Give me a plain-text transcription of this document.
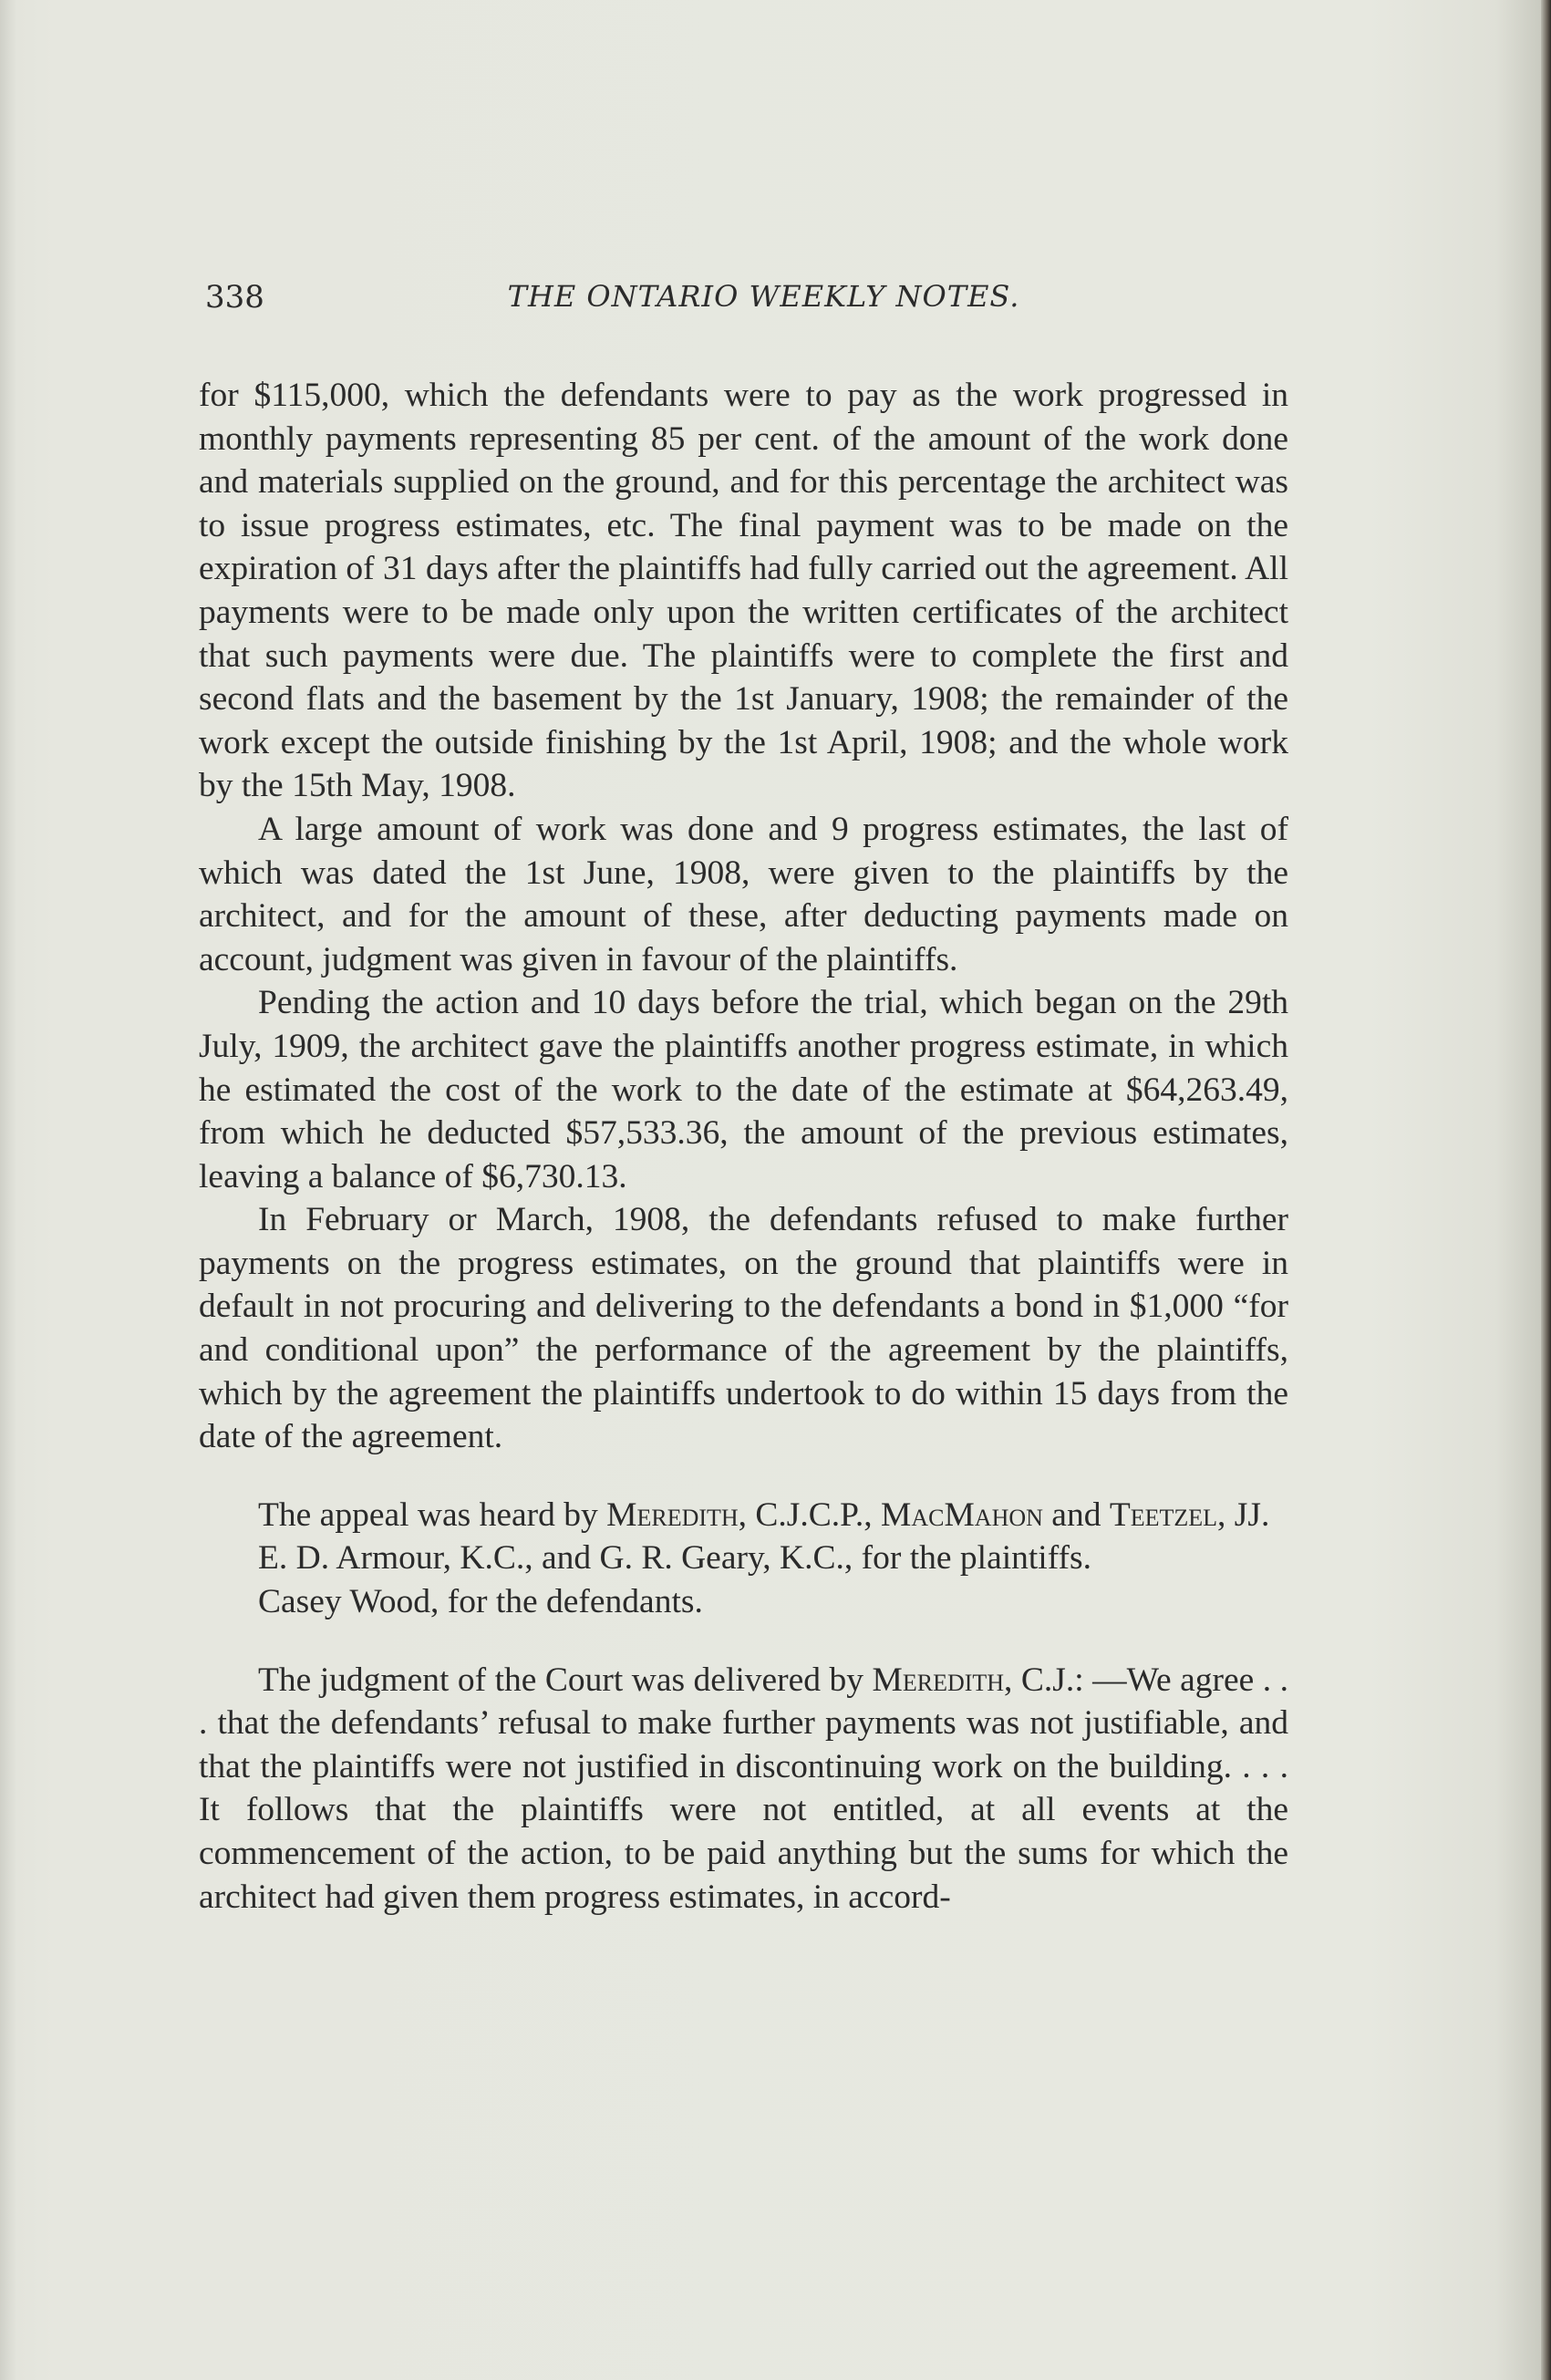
338	THE ONTARIO WEEKLY NOTES.

for $115,000, which the defendants were to pay as the work progressed in monthly payments representing 85 per cent. of the amount of the work done and materials supplied on the ground, and for this percentage the architect was to issue progress estimates, etc. The final payment was to be made on the expiration of 31 days after the plaintiffs had fully carried out the agreement. All payments were to be made only upon the written certificates of the architect that such payments were due. The plaintiffs were to complete the first and second flats and the basement by the 1st January, 1908; the remainder of the work except the outside finishing by the 1st April, 1908; and the whole work by the 15th May, 1908.

A large amount of work was done and 9 progress estimates, the last of which was dated the 1st June, 1908, were given to the plaintiffs by the architect, and for the amount of these, after deducting payments made on account, judgment was given in favour of the plaintiffs.

Pending the action and 10 days before the trial, which began on the 29th July, 1909, the architect gave the plaintiffs another progress estimate, in which he estimated the cost of the work to the date of the estimate at $64,263.49, from which he deducted $57,533.36, the amount of the previous estimates, leaving a balance of $6,730.13.

In February or March, 1908, the defendants refused to make further payments on the progress estimates, on the ground that plaintiffs were in default in not procuring and delivering to the defendants a bond in $1,000 “for and conditional upon” the performance of the agreement by the plaintiffs, which by the agreement the plaintiffs undertook to do within 15 days from the date of the agreement.

The appeal was heard by Meredith, C.J.C.P., MacMahon and Teetzel, JJ.

E. D. Armour, K.C., and G. R. Geary, K.C., for the plaintiffs.

Casey Wood, for the defendants.

The judgment of the Court was delivered by Meredith, C.J.: —We agree . . . that the defendants’ refusal to make further payments was not justifiable, and that the plaintiffs were not justified in discontinuing work on the building. . . . It follows that the plaintiffs were not entitled, at all events at the commencement of the action, to be paid anything but the sums for which the architect had given them progress estimates, in accord-
